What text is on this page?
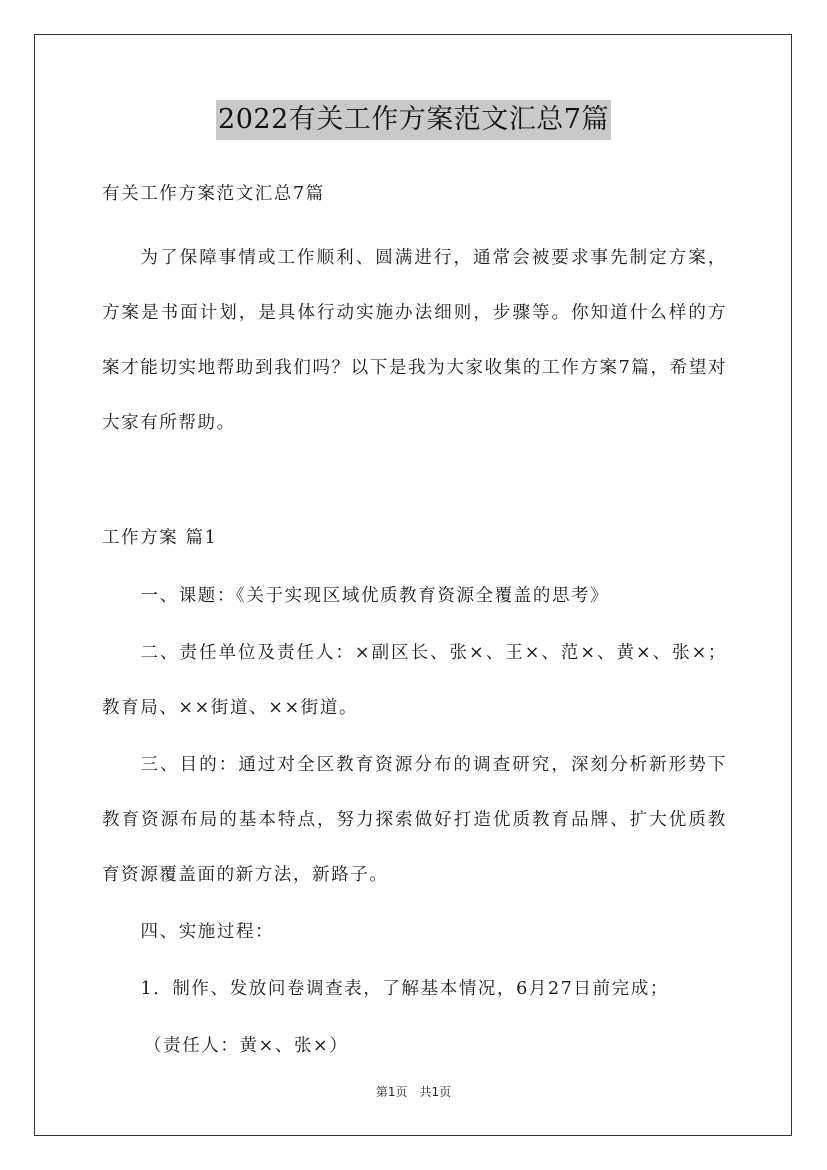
2022有关工作方案范文汇总7篇
有关工作方案范文汇总7篇
为了保障事情或工作顺利、圆满进行，通常会被要求事先制定方案，方案是书面计划，是具体行动实施办法细则，步骤等。你知道什么样的方案才能切实地帮助到我们吗？以下是我为大家收集的工作方案7篇，希望对大家有所帮助。
工作方案 篇1
一、课题：《关于实现区域优质教育资源全覆盖的思考》
二、责任单位及责任人：×副区长、张×、王×、范×、黄×、张×；教育局、××街道、××街道。
三、目的：通过对全区教育资源分布的调查研究，深刻分析新形势下教育资源布局的基本特点，努力探索做好打造优质教育品牌、扩大优质教育资源覆盖面的新方法，新路子。
四、实施过程：
1．制作、发放问卷调查表，了解基本情况，6月27日前完成；
（责任人：黄×、张×）
第1页　共1页
